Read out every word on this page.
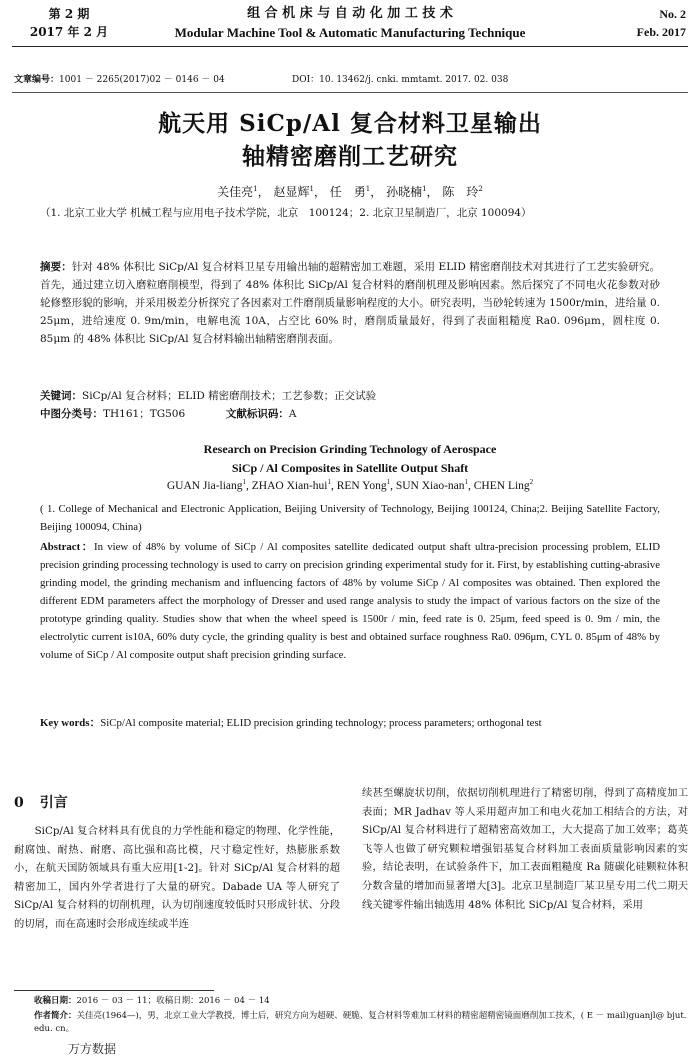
第 2 期
2017 年 2 月
组 合 机 床 与 自 动 化 加 工 技 术
Modular Machine Tool & Automatic Manufacturing Technique
No. 2
Feb. 2017
文章编号：1001 － 2265(2017)02 － 0146 － 04	DOI：10. 13462/j. cnki. mmtamt. 2017. 02. 038
航天用 SiCp/Al 复合材料卫星输出
轴精密磨削工艺研究
关佳亮$^1$， 赵显辉$^1$， 任　勇$^1$， 孙晓楠$^1$， 陈　玲$^2$
（1. 北京工业大学 机械工程与应用电子技术学院，北京　100124；2. 北京卫星制造厂，北京 100094）
摘要：针对 48% 体积比 SiCp/Al 复合材料卫星专用输出轴的超精密加工难题，采用 ELID 精密磨削技术对其进行了工艺实验研究。首先，通过建立切入磨粒磨削模型，得到了 48% 体积比 SiCp/Al 复合材料的磨削机理及影响因素。然后探究了不同电火花参数对砂轮修整形貌的影响，并采用极差分析探究了各因素对工件磨削质量影响程度的大小。研究表明，当砂轮转速为 1500r/min，进给量 0. 25μm，进给速度 0. 9m/min，电解电流 10A，占空比 60% 时，磨削质量最好，得到了表面粗糙度 Ra0. 096μm，圆柱度 0. 85μm 的 48% 体积比 SiCp/Al 复合材料输出轴精密磨削表面。
关键词：SiCp/Al 复合材料；ELID 精密磨削技术；工艺参数；正交试验
中图分类号：TH161；TG506	文献标识码：A
Research on Precision Grinding Technology of Aerospace
SiCp / Al Composites in Satellite Output Shaft
GUAN Jia-liang$^1$, ZHAO Xian-hui$^1$, REN Yong$^1$, SUN Xiao-nan$^1$, CHEN Ling$^2$
( 1. College of Mechanical and Electronic Application, Beijing University of Technology, Beijing 100124, China;2. Beijing Satellite Factory, Beijing 100094, China)
Abstract：In view of 48% by volume of SiCp / Al composites satellite dedicated output shaft ultra-precision processing problem, ELID precision grinding processing technology is used to carry on precision grinding experimental study for it. First, by establishing cutting-abrasive grinding model, the grinding mechanism and influencing factors of 48% by volume SiCp / Al composites was obtained. Then explored the different EDM parameters affect the morphology of Dresser and used range analysis to study the impact of various factors on the size of the prototype grinding quality. Studies show that when the wheel speed is 1500r / min, feed rate is 0. 25μm, feed speed is 0. 9m / min, the electrolytic current is10A, 60% duty cycle, the grinding quality is best and obtained surface roughness Ra0. 096μm, CYL 0. 85μm of 48% by volume of SiCp / Al composite output shaft precision grinding surface.
Key words：SiCp/Al composite material; ELID precision grinding technology; process parameters; orthogonal test
0 引言
SiCp/Al 复合材料具有优良的力学性能和稳定的物理、化学性能，耐腐蚀、耐热、耐磨、高比强和高比模，尺寸稳定性好，热膨胀系数小，在航天国防领域具有重大应用[1-2]。针对 SiCp/Al 复合材料的超精密加工，国内外学者进行了大量的研究。Dabade UA 等人研究了 SiCp/Al 复合材料的切削机理，认为切削速度较低时只形成针状、分段的切屑，而在高速时会形成连续或半连
续甚至螺旋状切削，依据切削机理进行了精密切削，得到了高精度加工表面；MR Jadhav 等人采用超声加工和电火花加工相结合的方法，对 SiCp/Al 复合材料进行了超精密高效加工，大大提高了加工效率；葛英飞等人也做了研究颗粒增强铝基复合材料加工表面质量影响因素的实验，结论表明，在试验条件下，加工表面粗糙度 Ra 随碳化硅颗粒体积分数含量的增加而显著增大[3]。北京卫星制造厂某卫星专用二代二期天线关键零件输出轴选用 48% 体积比 SiCp/Al 复合材料，采用
收稿日期：2016 － 03 － 11；收稿日期：2016 － 04 － 14
作者简介：关佳亮(1964—)，男，北京工业大学教授，博士后，研究方向为超硬、硬脆、复合材料等难加工材料的精密超精密镜面磨削加工技术，( E － mail)guanjl@ bjut. edu. cn。
万方数据
